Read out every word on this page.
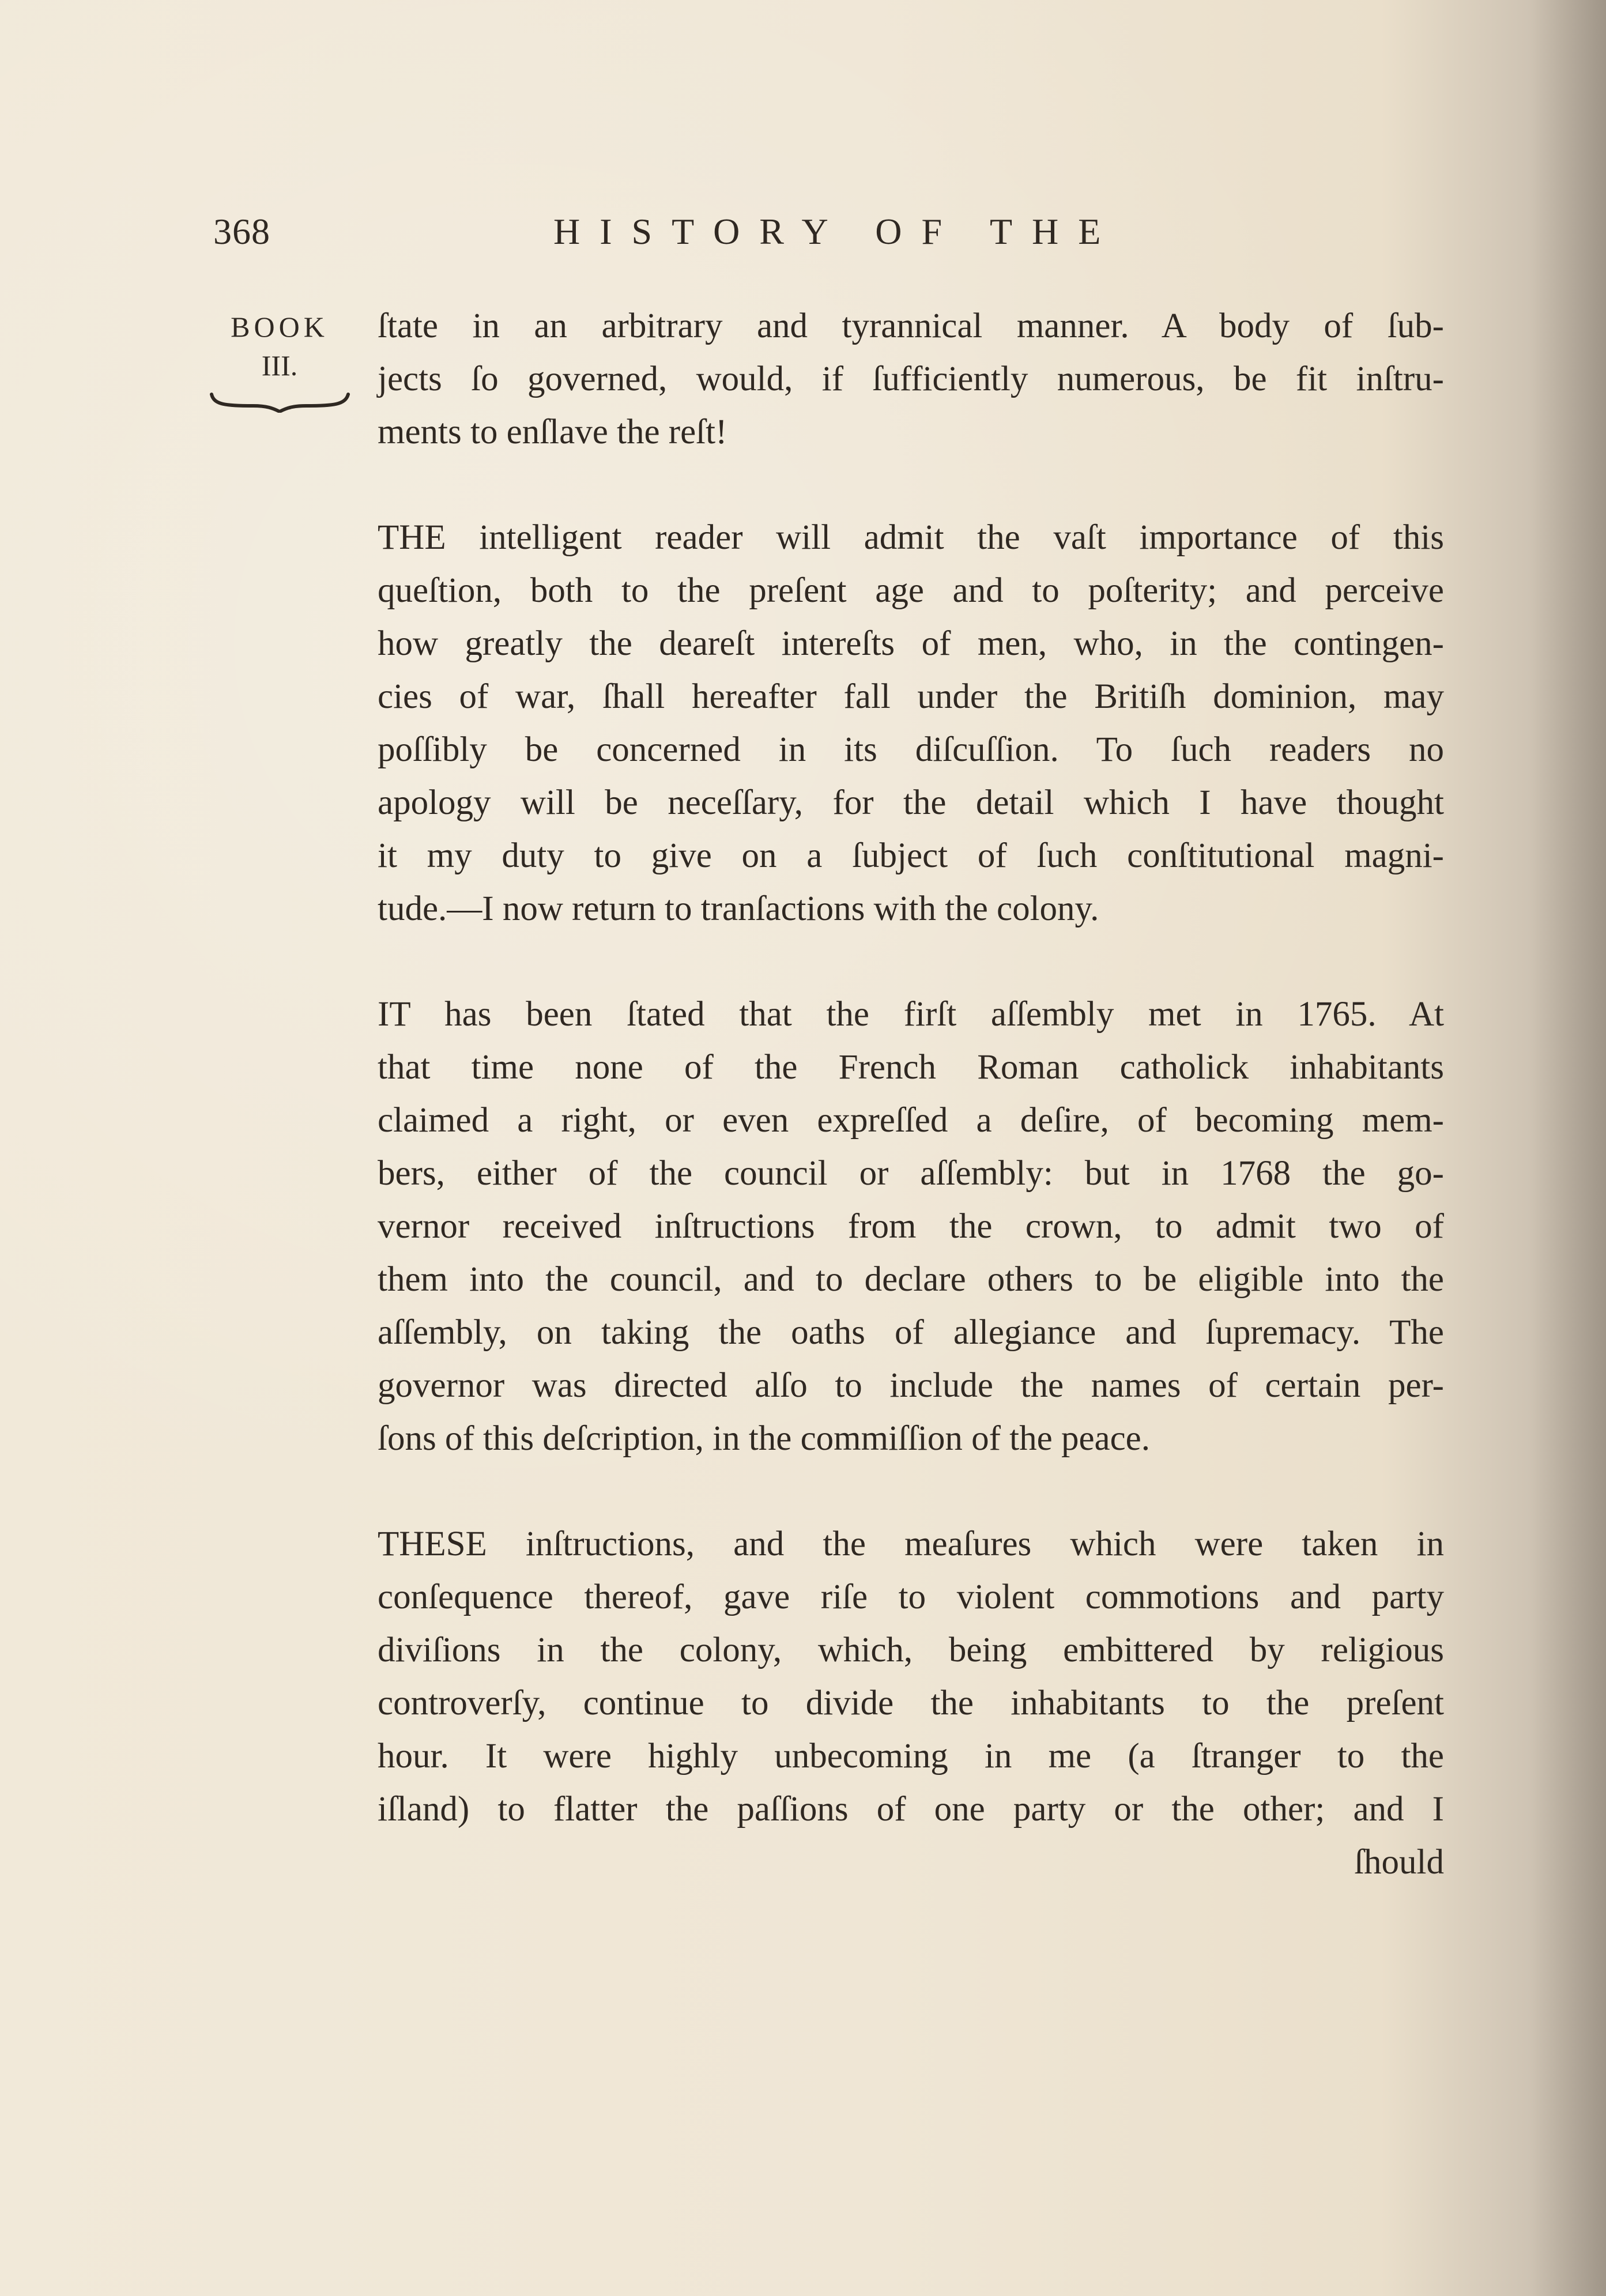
368	HISTORY OF THE
BOOK
III.
ſtate in an arbitrary and tyrannical manner. A body of ſub-
jects ſo governed, would, if ſufficiently numerous, be fit inſtru-
ments to enſlave the reſt!
THE intelligent reader will admit the vaſt importance of this
queſtion, both to the preſent age and to poſterity; and perceive
how greatly the deareſt intereſts of men, who, in the contingen-
cies of war, ſhall hereafter fall under the Britiſh dominion, may
poſſibly be concerned in its diſcuſſion. To ſuch readers no
apology will be neceſſary, for the detail which I have thought
it my duty to give on a ſubject of ſuch conſtitutional magni-
tude.—I now return to tranſactions with the colony.
IT has been ſtated that the firſt aſſembly met in 1765. At
that time none of the French Roman catholick inhabitants
claimed a right, or even expreſſed a deſire, of becoming mem-
bers, either of the council or aſſembly: but in 1768 the go-
vernor received inſtructions from the crown, to admit two of
them into the council, and to declare others to be eligible into the
aſſembly, on taking the oaths of allegiance and ſupremacy. The
governor was directed alſo to include the names of certain per-
ſons of this deſcription, in the commiſſion of the peace.
THESE inſtructions, and the meaſures which were taken in
conſequence thereof, gave riſe to violent commotions and party
diviſions in the colony, which, being embittered by religious
controverſy, continue to divide the inhabitants to the preſent
hour. It were highly unbecoming in me (a ſtranger to the
iſland) to flatter the paſſions of one party or the other; and I
ſhould
